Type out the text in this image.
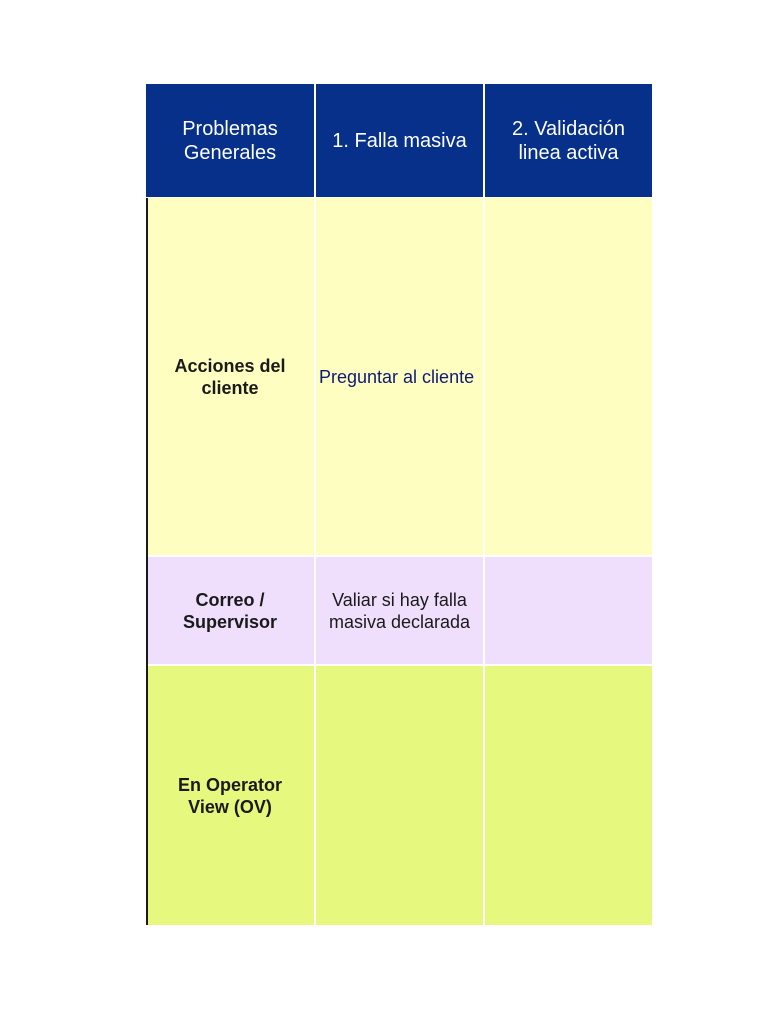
Problemas
Generales
1. Falla masiva
2. Validación
linea activa
Acciones del
cliente
Preguntar al cliente
Correo /
Supervisor
Valiar si hay falla
masiva declarada
En Operator
View (OV)
